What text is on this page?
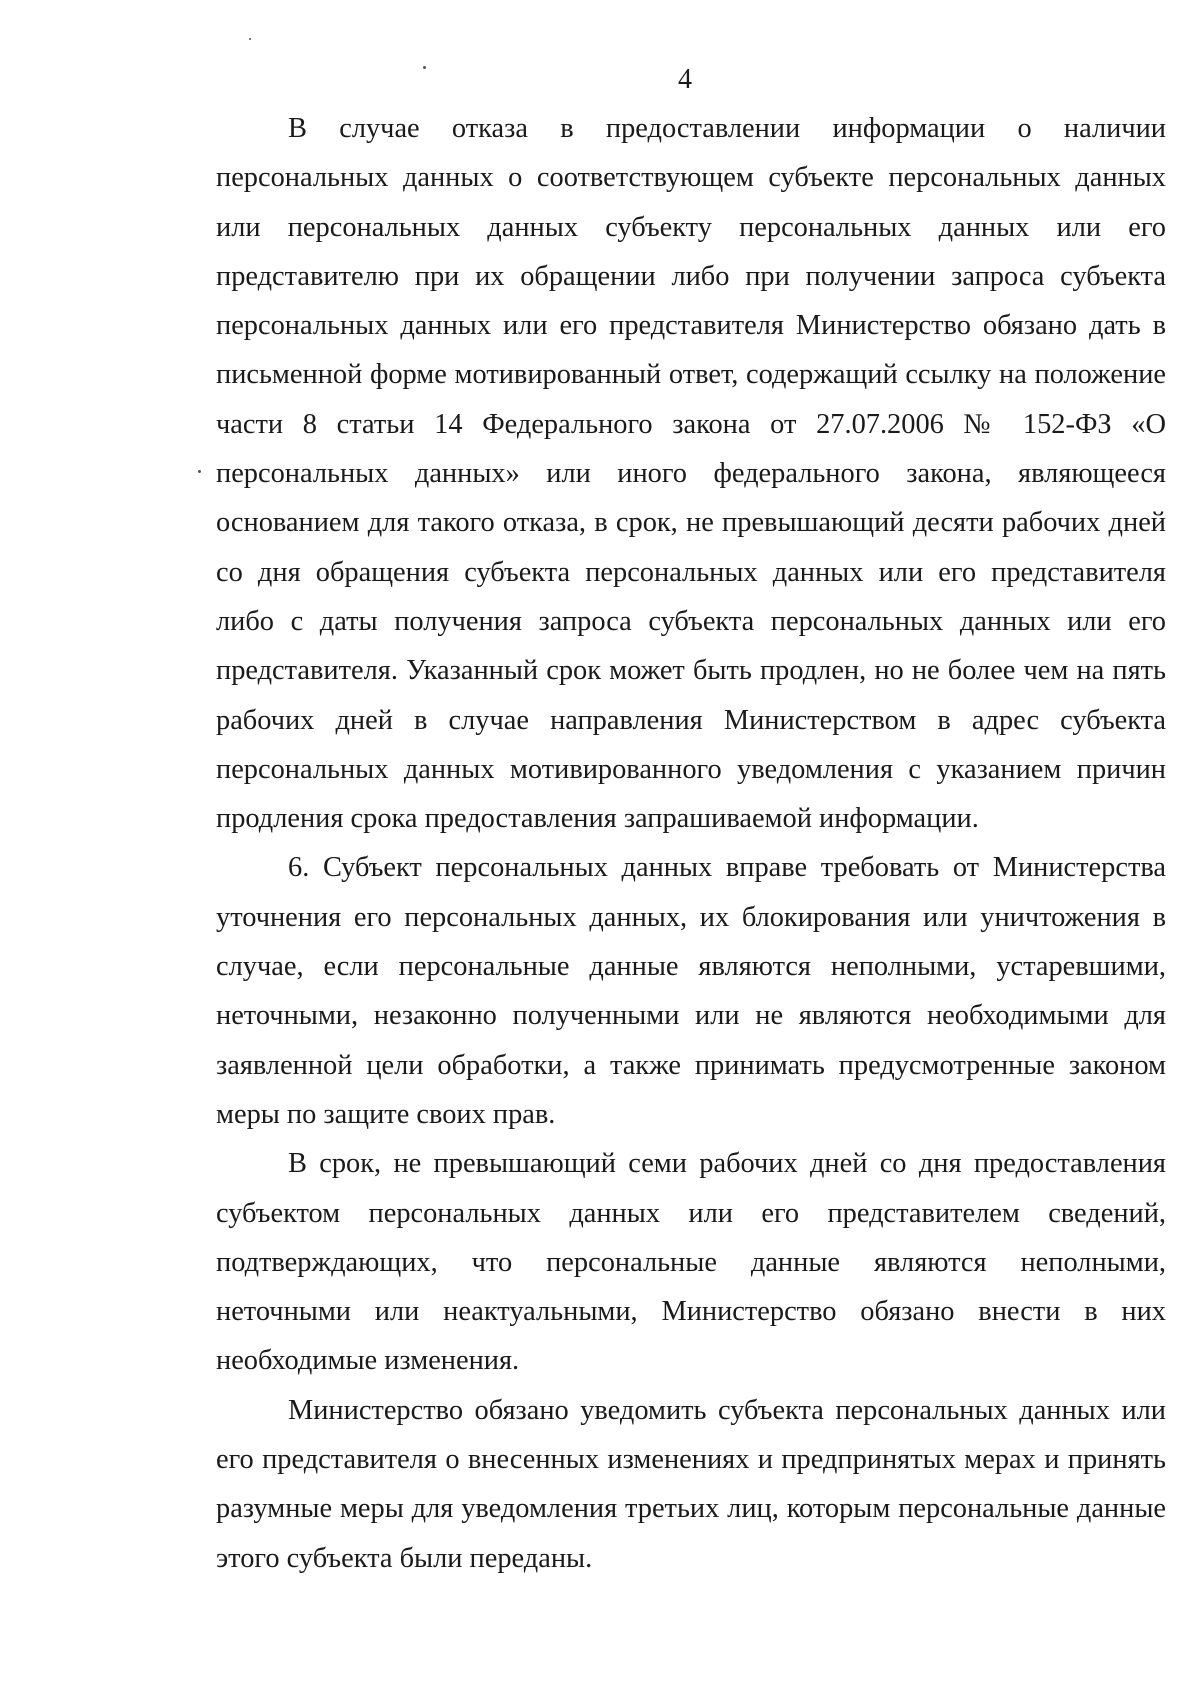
4

В случае отказа в предоставлении информации о наличии персональных данных о соответствующем субъекте персональных данных или персональных данных субъекту персональных данных или его представителю при их обращении либо при получении запроса субъекта персональных данных или его представителя Министерство обязано дать в письменной форме мотивированный ответ, содержащий ссылку на положение части 8 статьи 14 Федерального закона от 27.07.2006 № 152-ФЗ «О персональных данных» или иного федерального закона, являющееся основанием для такого отказа, в срок, не превышающий десяти рабочих дней со дня обращения субъекта персональных данных или его представителя либо с даты получения запроса субъекта персональных данных или его представителя. Указанный срок может быть продлен, но не более чем на пять рабочих дней в случае направления Министерством в адрес субъекта персональных данных мотивированного уведомления с указанием причин продления срока предоставления запрашиваемой информации.

6. Субъект персональных данных вправе требовать от Министерства уточнения его персональных данных, их блокирования или уничтожения в случае, если персональные данные являются неполными, устаревшими, неточными, незаконно полученными или не являются необходимыми для заявленной цели обработки, а также принимать предусмотренные законом меры по защите своих прав.

В срок, не превышающий семи рабочих дней со дня предоставления субъектом персональных данных или его представителем сведений, подтверждающих, что персональные данные являются неполными, неточными или неактуальными, Министерство обязано внести в них необходимые изменения.

Министерство обязано уведомить субъекта персональных данных или его представителя о внесенных изменениях и предпринятых мерах и принять разумные меры для уведомления третьих лиц, которым персональные данные этого субъекта были переданы.
